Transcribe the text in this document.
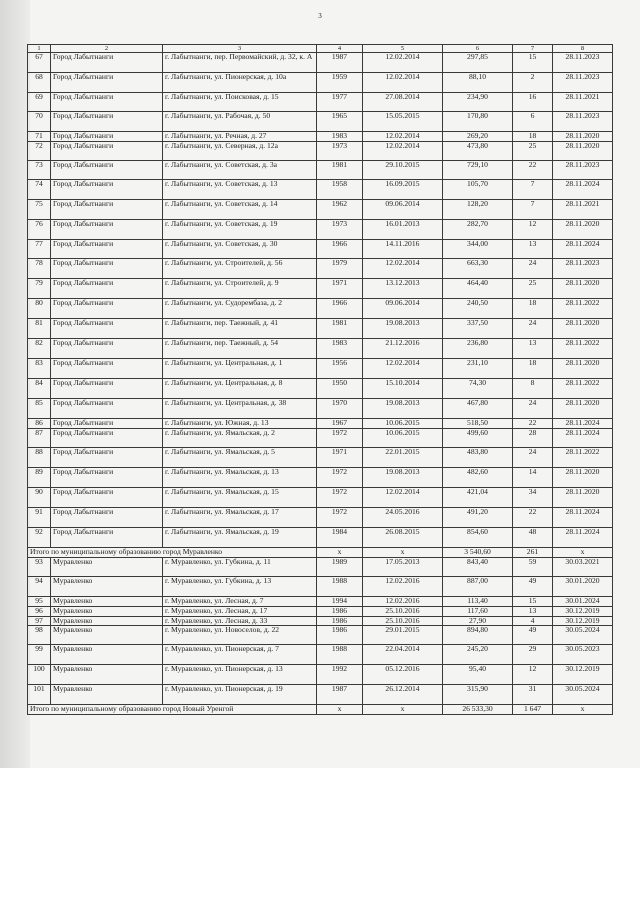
3
1	2	3	4	5	6	7	8
67	Город Лабытнанги	г. Лабытнанги, пер. Первомайский, д. 32, к. А	1987	12.02.2014	297,85	15	28.11.2023
68	Город Лабытнанги	г. Лабытнанги, ул. Пионерская, д. 10а	1959	12.02.2014	88,10	2	28.11.2023
69	Город Лабытнанги	г. Лабытнанги, ул. Поисковая, д. 15	1977	27.08.2014	234,90	16	28.11.2021
70	Город Лабытнанги	г. Лабытнанги, ул. Рабочая, д. 50	1965	15.05.2015	170,80	6	28.11.2023
71	Город Лабытнанги	г. Лабытнанги, ул. Речная, д. 27	1983	12.02.2014	269,20	18	28.11.2020
72	Город Лабытнанги	г. Лабытнанги, ул. Северная, д. 12а	1973	12.02.2014	473,80	25	28.11.2020
73	Город Лабытнанги	г. Лабытнанги, ул. Советская, д. 3а	1981	29.10.2015	729,10	22	28.11.2023
74	Город Лабытнанги	г. Лабытнанги, ул. Советская, д. 13	1958	16.09.2015	105,70	7	28.11.2024
75	Город Лабытнанги	г. Лабытнанги, ул. Советская, д. 14	1962	09.06.2014	128,20	7	28.11.2021
76	Город Лабытнанги	г. Лабытнанги, ул. Советская, д. 19	1973	16.01.2013	282,70	12	28.11.2020
77	Город Лабытнанги	г. Лабытнанги, ул. Советская, д. 30	1966	14.11.2016	344,00	13	28.11.2024
78	Город Лабытнанги	г. Лабытнанги, ул. Строителей, д. 56	1979	12.02.2014	663,30	24	28.11.2023
79	Город Лабытнанги	г. Лабытнанги, ул. Строителей, д. 9	1971	13.12.2013	464,40	25	28.11.2020
80	Город Лабытнанги	г. Лабытнанги, ул. Судорембаза, д. 2	1966	09.06.2014	240,50	18	28.11.2022
81	Город Лабытнанги	г. Лабытнанги, пер. Таежный, д. 41	1981	19.08.2013	337,50	24	28.11.2020
82	Город Лабытнанги	г. Лабытнанги, пер. Таежный, д. 54	1983	21.12.2016	236,80	13	28.11.2022
83	Город Лабытнанги	г. Лабытнанги, ул. Центральная, д. 1	1956	12.02.2014	231,10	18	28.11.2020
84	Город Лабытнанги	г. Лабытнанги, ул. Центральная, д. 8	1950	15.10.2014	74,30	8	28.11.2022
85	Город Лабытнанги	г. Лабытнанги, ул. Центральная, д. 38	1970	19.08.2013	467,80	24	28.11.2020
86	Город Лабытнанги	г. Лабытнанги, ул. Южная, д. 13	1967	10.06.2015	518,50	22	28.11.2024
87	Город Лабытнанги	г. Лабытнанги, ул. Ямальская, д. 2	1972	10.06.2015	499,60	28	28.11.2024
88	Город Лабытнанги	г. Лабытнанги, ул. Ямальская, д. 5	1971	22.01.2015	483,80	24	28.11.2022
89	Город Лабытнанги	г. Лабытнанги, ул. Ямальская, д. 13	1972	19.08.2013	482,60	14	28.11.2020
90	Город Лабытнанги	г. Лабытнанги, ул. Ямальская, д. 15	1972	12.02.2014	421,04	34	28.11.2020
91	Город Лабытнанги	г. Лабытнанги, ул. Ямальская, д. 17	1972	24.05.2016	491,20	22	28.11.2024
92	Город Лабытнанги	г. Лабытнанги, ул. Ямальская, д. 19	1984	26.08.2015	854,60	48	28.11.2024
Итого по муниципальному образованию город Муравленко			х	х	3 540,60	261	х
93	Муравленко	г. Муравленко, ул. Губкина, д. 11	1989	17.05.2013	843,40	59	30.03.2021
94	Муравленко	г. Муравленко, ул. Губкина, д. 13	1988	12.02.2016	887,00	49	30.01.2020
95	Муравленко	г. Муравленко, ул. Лесная, д. 7	1994	12.02.2016	113,40	15	30.01.2024
96	Муравленко	г. Муравленко, ул. Лесная, д. 17	1986	25.10.2016	117,60	13	30.12.2019
97	Муравленко	г. Муравленко, ул. Лесная, д. 33	1986	25.10.2016	27,90	4	30.12.2019
98	Муравленко	г. Муравленко, ул. Новоселов, д. 22	1986	29.01.2015	894,80	49	30.05.2024
99	Муравленко	г. Муравленко, ул. Пионерская, д. 7	1988	22.04.2014	245,20	29	30.05.2023
100	Муравленко	г. Муравленко, ул. Пионерская, д. 13	1992	05.12.2016	95,40	12	30.12.2019
101	Муравленко	г. Муравленко, ул. Пионерская, д. 19	1987	26.12.2014	315,90	31	30.05.2024
Итого по муниципальному образованию город Новый Уренгой			х	х	26 533,30	1 647	х
